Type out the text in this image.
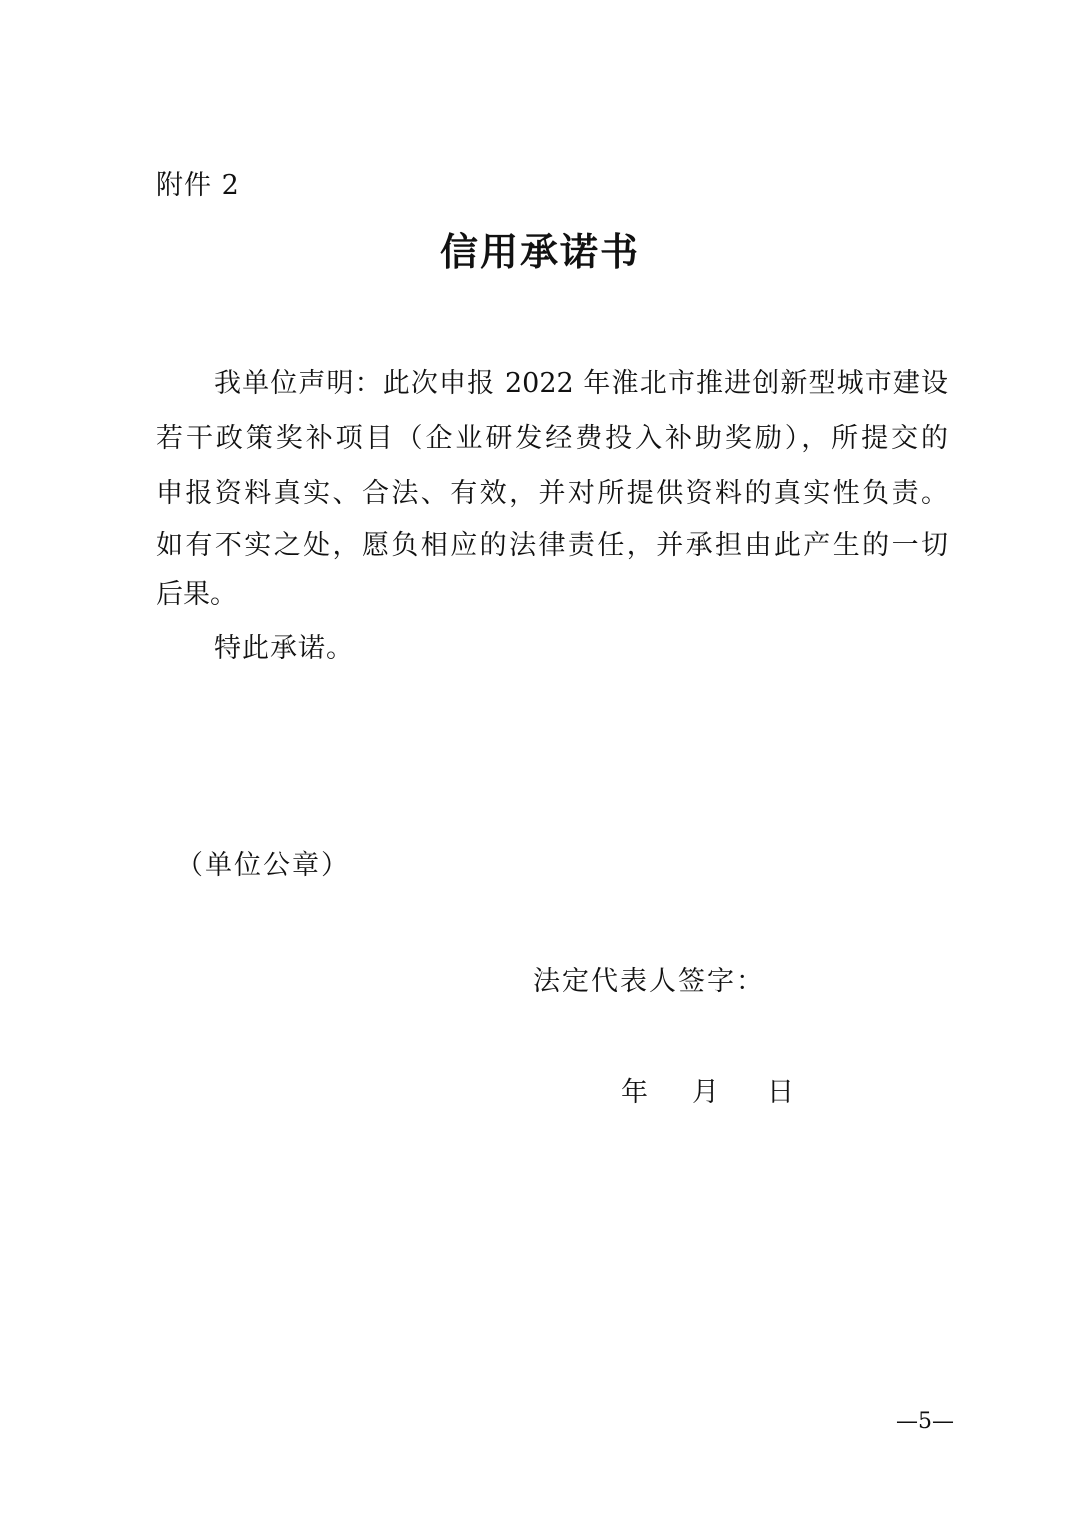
附件 2
信用承诺书
我单位声明：此次申报 2022 年淮北市推进创新型城市建设
若干政策奖补项目（企业研发经费投入补助奖励），所提交的
申报资料真实、合法、有效，并对所提供资料的真实性负责。
如有不实之处，愿负相应的法律责任，并承担由此产生的一切
后果。
特此承诺。
（单位公章）
法定代表人签字：
年 月 日
—5—
